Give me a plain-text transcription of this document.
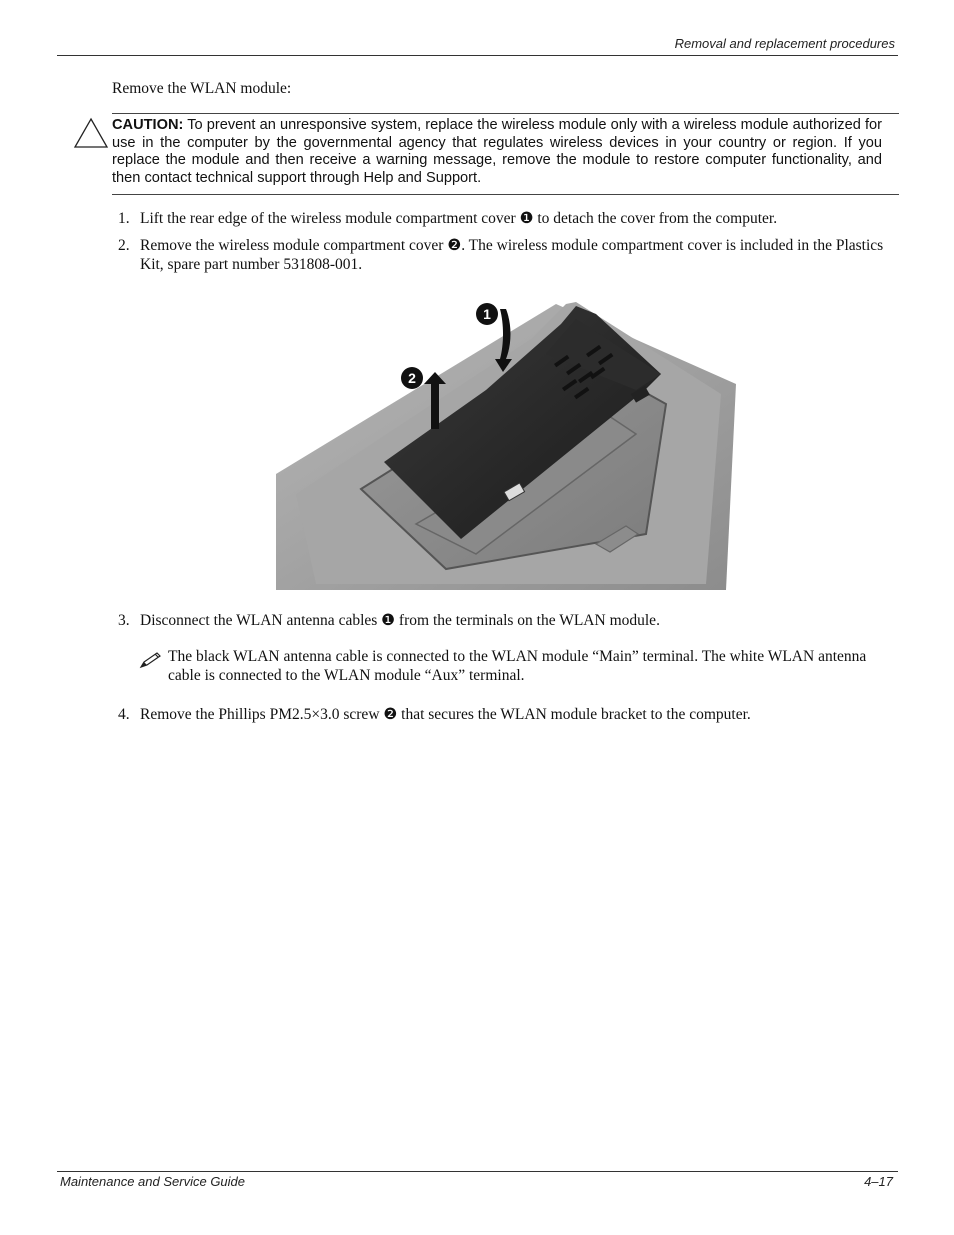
Removal and replacement procedures
Remove the WLAN module:
CAUTION: To prevent an unresponsive system, replace the wireless module only with a wireless module authorized for use in the computer by the governmental agency that regulates wireless devices in your country or region. If you replace the module and then receive a warning message, remove the module to restore computer functionality, and then contact technical support through Help and Support.
1. Lift the rear edge of the wireless module compartment cover ❶ to detach the cover from the computer.
2. Remove the wireless module compartment cover ❷. The wireless module compartment cover is included in the Plastics Kit, spare part number 531808-001.
1
2
3. Disconnect the WLAN antenna cables ❶ from the terminals on the WLAN module.
The black WLAN antenna cable is connected to the WLAN module “Main” terminal. The white WLAN antenna cable is connected to the WLAN module “Aux” terminal.
4. Remove the Phillips PM2.5×3.0 screw ❷ that secures the WLAN module bracket to the computer.
Maintenance and Service Guide	4–17
